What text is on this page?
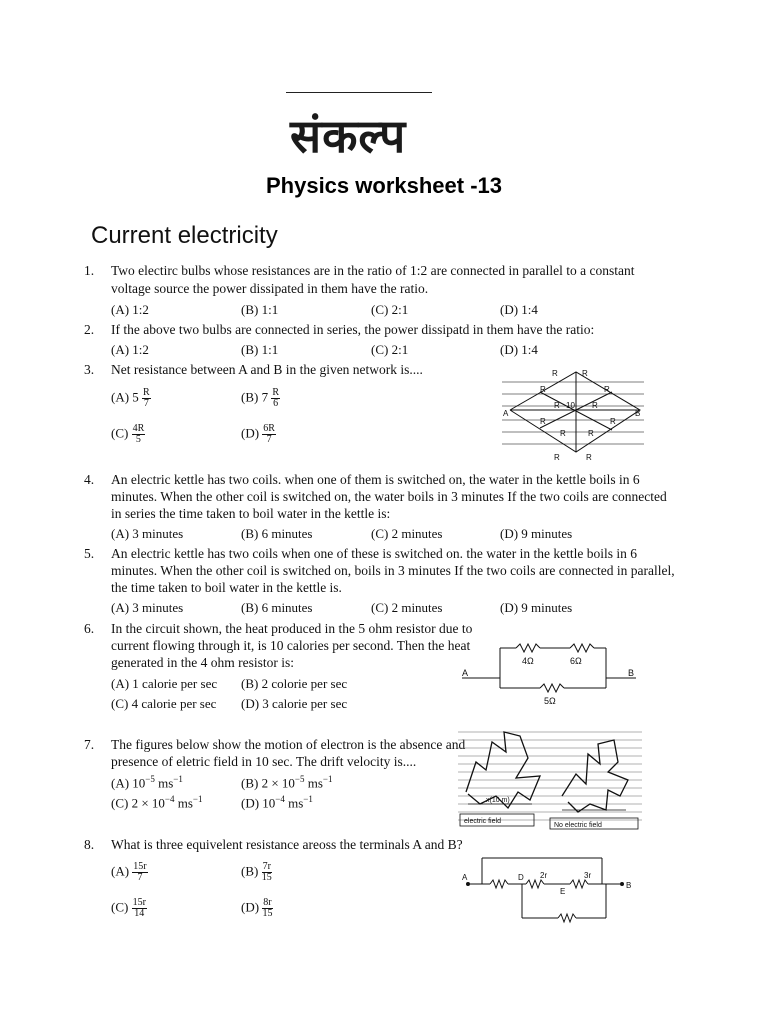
संकल्प
Physics worksheet -13
Current electricity
1. Two electirc bulbs whose resistances are in the ratio of 1:2 are connected in parallel to a constant
voltage source the power dissipated in them have the ratio.
(A) 1:2	(B) 1:1	(C) 2:1	(D) 1:4
2. If the above two bulbs are connected in series, the power dissipatd in them have the ratio:
(A) 1:2	(B) 1:1	(C) 2:1	(D) 1:4
3. Net resistance between A and B in the given network is....
(A) $5 \frac{R}{7}$	(B) $7 \frac{R}{6}$
$(C) \frac{4R}{5}$	$(D) \frac{6R}{7}$
R	R
R	R
10
R	R
R
R	R
R
R	R
A	B
4. An electric kettle has two coils. when one of them is switched on, the water in the kettle boils in 6
minutes. When the other coil is switched on, the water boils in 3 minutes If the two coils are connected
in series the time taken to boil water in the kettle is:
(A) 3 minutes	(B) 6 minutes	(C) 2 minutes	(D) 9 minutes
5. An electric kettle has two coils when one of these is switched on. the water in the kettle boils in 6
minutes. When the other coil is switched on, boils in 3 minutes If the two coils are connected in parallel,
the time taken to boil water in the kettle is.
(A) 3 minutes	(B) 6 minutes	(C) 2 minutes	(D) 9 minutes
6. In the circuit shown, the heat produced in the 5 ohm resistor due to
current flowing through it, is 10 calories per second. Then the heat
generated in the 4 ohm resistor is:
(A) 1 calorie per sec (B) 2 colorie per sec
(C) 4 calorie per sec (D) 3 calorie per sec
4Ω	6Ω
5Ω
A	B
7. The figures below show the motion of electron is the absence and
presence of eletric field in 10 sec. The drift velocity is....
(A) $10^{-5}$ $ms^{-1}$	(B) $2 \times 10^{-5}$ $ms^{-1}$
(C) $2 \times 10^{-4}$ $ms^{-1}$	(D) $10^{-4}$ $ms^{-1}$	x(10 m)
electric field
No electric field
8. What is three equivelent resistance areoss the terminals A and B?
$(A) \frac{15r}{7}$	$(B) \frac{7r}{15}$
$(C) \frac{15r}{14}$	$(D) \frac{8r}{15}$
A
B
D
E
2r	3r
